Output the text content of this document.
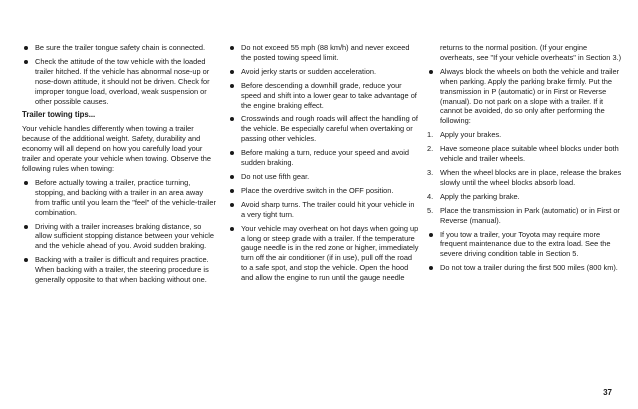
Be sure the trailer tongue safety chain is connected.
Check the attitude of the tow vehicle with the loaded trailer hitched. If the vehicle has abnormal nose-up or nose-down attitude, it should not be driven. Check for improper tongue load, overload, weak suspension or other possible causes.
Trailer towing tips...

Your vehicle handles differently when towing a trailer because of the additional weight. Safety, durability and economy will all depend on how you carefully load your trailer and operate your vehicle when towing. Observe the following rules when towing:

Before actually towing a trailer, practice turning, stopping, and backing with a trailer in an area away from traffic until you learn the "feel" of the vehicle-trailer combination.
Driving with a trailer increases braking distance, so allow sufficient stopping distance between your vehicle and the vehicle ahead of you. Avoid sudden braking.
Backing with a trailer is difficult and requires practice. When backing with a trailer, the steering procedure is generally opposite to that when backing without one.
Do not exceed 55 mph (88 km/h) and never exceed the posted towing speed limit.
Avoid jerky starts or sudden acceleration.
Before descending a downhill grade, reduce your speed and shift into a lower gear to take advantage of the engine braking effect.
Crosswinds and rough roads will affect the handling of the vehicle. Be especially careful when overtaking or passing other vehicles.
Before making a turn, reduce your speed and avoid sudden braking.
Do not use fifth gear.
Place the overdrive switch in the OFF position.
Avoid sharp turns. The trailer could hit your vehicle in a very tight turn.
Your vehicle may overheat on hot days when going up a long or steep grade with a trailer. If the temperature gauge needle is in the red zone or higher, immediately turn off the air conditioner (if in use), pull off the road to a safe spot, and stop the vehicle. Open the hood and allow the engine to run until the gauge needle

returns to the normal position. (If your engine overheats, see "If your vehicle overheats" in Section 3.)

Always block the wheels on both the vehicle and trailer when parking. Apply the parking brake firmly. Put the transmission in P (automatic) or in First or Reverse (manual). Do not park on a slope with a trailer. If it cannot be avoided, do so only after performing the following:
1. Apply your brakes.
2. Have someone place suitable wheel blocks under both vehicle and trailer wheels.
3. When the wheel blocks are in place, release the brakes slowly until the wheel blocks absorb load.
4. Apply the parking brake.
5. Place the transmission in Park (automatic) or in First or Reverse (manual).
If you tow a trailer, your Toyota may require more frequent maintenance due to the extra load. See the severe driving condition table in Section 5.
Do not tow a trailer during the first 500 miles (800 km).
37
